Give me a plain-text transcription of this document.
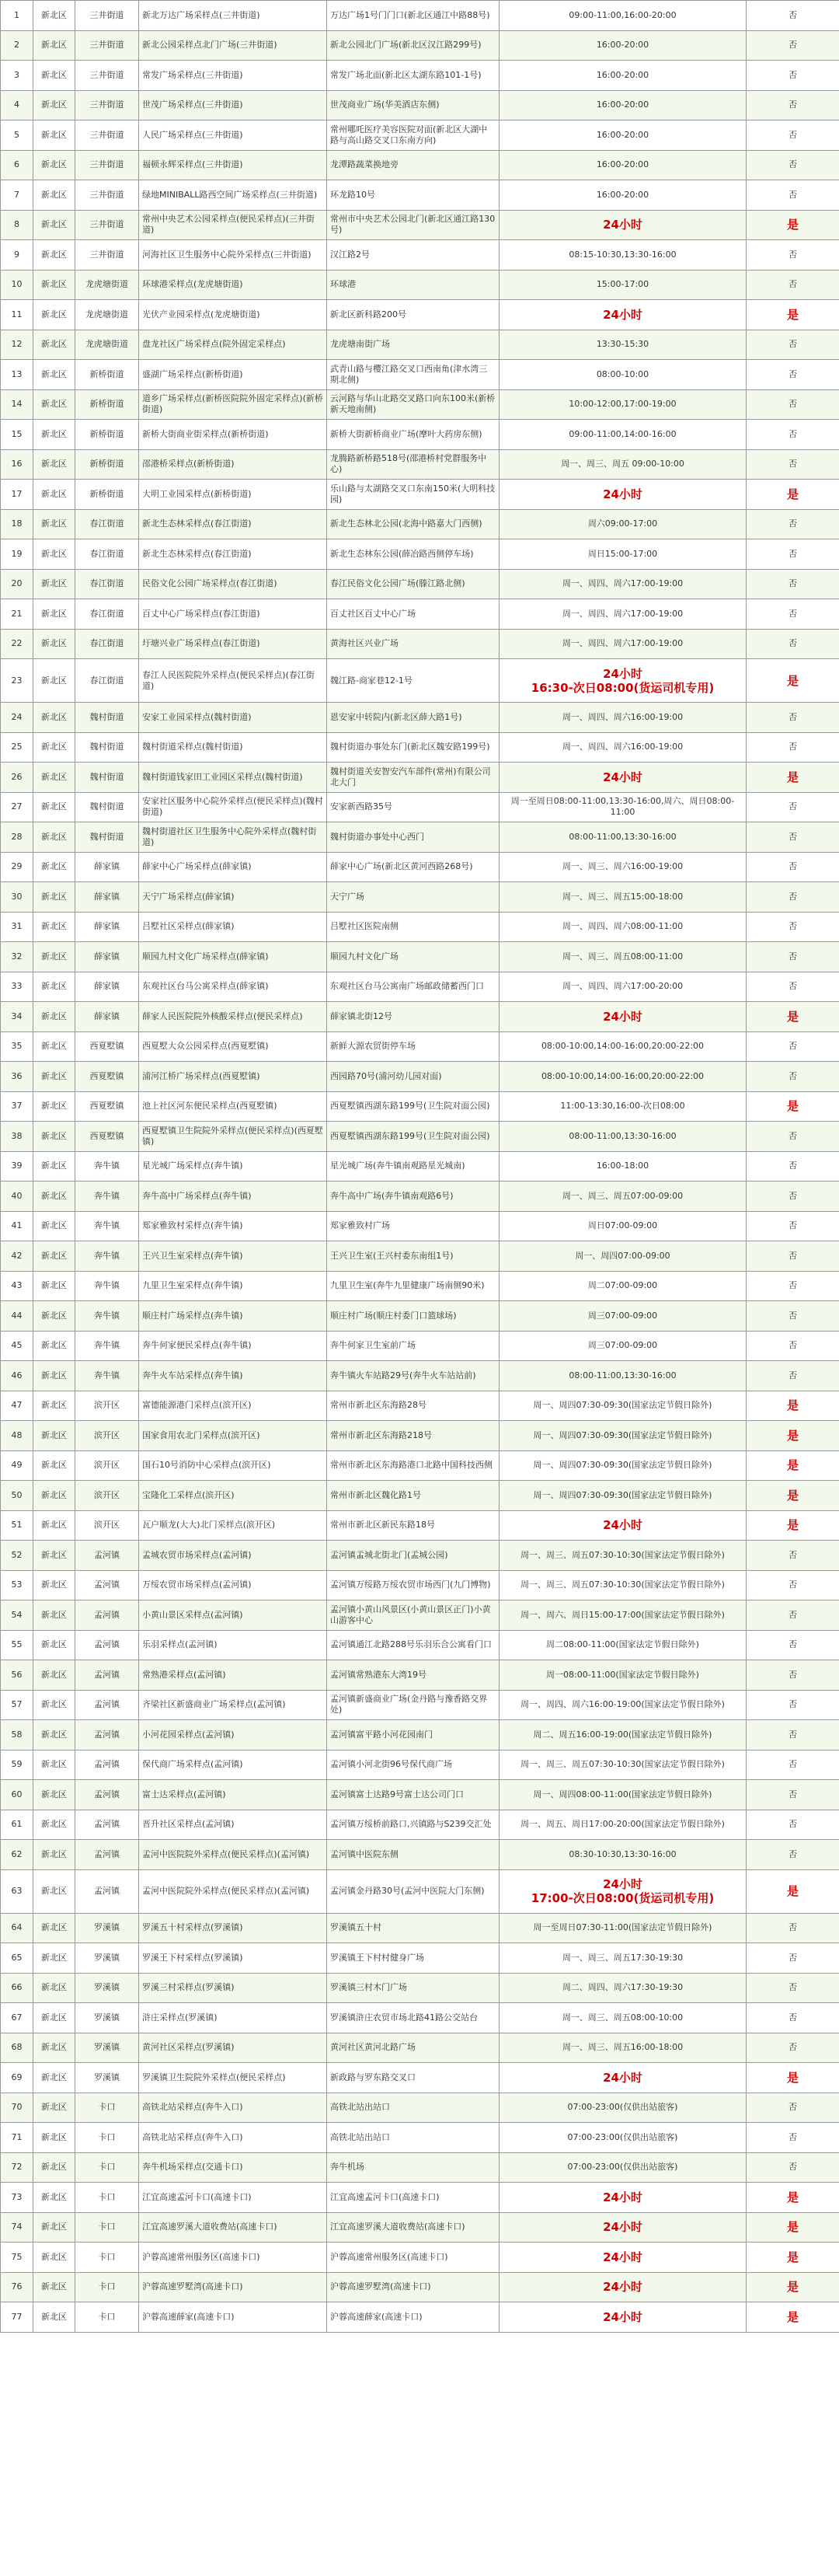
1	新北区	三井街道	新北万达广场采样点(三井街道)	万达广场1号门门口(新北区通江中路88号)	09:00-11:00,16:00-20:00	否
2	新北区	三井街道	新北公园采样点北门广场(三井街道)	新北公园北门广场(新北区汉江路299号)	16:00-20:00	否
3	新北区	三井街道	常发广场采样点(三井街道)	常发广场北面(新北区太湖东路101-1号)	16:00-20:00	否
4	新北区	三井街道	世茂广场采样点(三井街道)	世茂商业广场(华美酒店东侧)	16:00-20:00	否
5	新北区	三井街道	人民广场采样点(三井街道)	常州哪吒医疗美容医院对面(新北区大湖中路与高山路交叉口东南方向)	16:00-20:00	否
6	新北区	三井街道	福顿永辉采样点(三井街道)	龙潭路蔬菜换地旁	16:00-20:00	否
7	新北区	三井街道	绿地MINIBALL路西空间广场采样点(三井街道)	环龙路10号	16:00-20:00	否
8	新北区	三井街道	常州中央艺术公园采样点(便民采样点)(三井街道)	常州市中央艺术公园北门(新北区通江路130号)	24小时	是
9	新北区	三井街道	河海社区卫生服务中心院外采样点(三井街道)	汉江路2号	08:15-10:30,13:30-16:00	否
10	新北区	龙虎塘街道	环球港采样点(龙虎塘街道)	环球港	15:00-17:00	否
11	新北区	龙虎塘街道	光伏产业园采样点(龙虎塘街道)	新北区新科路200号	24小时	是
12	新北区	龙虎塘街道	盘龙社区广场采样点(院外固定采样点)	龙虎塘南街广场	13:30-15:30	否
13	新北区	新桥街道	盛湖广场采样点(新桥街道)	武青山路与樱江路交叉口西南角(津水湾三期北侧)	08:00-10:00	否
14	新北区	新桥街道	道乡广场采样点(新桥医院院外固定采样点)(新桥街道)	云河路与华山北路交叉路口向东100米(新桥新天地南侧)	10:00-12:00,17:00-19:00	否
15	新北区	新桥街道	新桥大街商业街采样点(新桥街道)	新桥大街新桥商业广场(摩叶大药房东侧)	09:00-11:00,14:00-16:00	否
16	新北区	新桥街道	邵港桥采样点(新桥街道)	龙腾路新桥路518号(邵港桥村党群服务中心)	周一、周三、周五 09:00-10:00	否
17	新北区	新桥街道	大明工业园采样点(新桥街道)	乐山路与太湖路交叉口东南150米(大明科技园)	24小时	是
18	新北区	春江街道	新北生态林采样点(春江街道)	新北生态林北公园(北海中路嘉大门西侧)	周六09:00-17:00	否
19	新北区	春江街道	新北生态林采样点(春江街道)	新北生态林东公园(薛冶路西侧停车场)	周日15:00-17:00	否
20	新北区	春江街道	民俗文化公园广场采样点(春江街道)	春江民俗文化公园广场(滕江路北侧)	周一、周四、周六17:00-19:00	否
21	新北区	春江街道	百丈中心广场采样点(春江街道)	百丈社区百丈中心广场	周一、周四、周六17:00-19:00	否
22	新北区	春江街道	圩塘兴业广场采样点(春江街道)	黄海社区兴业广场	周一、周四、周六17:00-19:00	否
23	新北区	春江街道	春江人民医院院外采样点(便民采样点)(春江街道)	魏江路-商家巷12-1号	24小时
16:30-次日08:00(货运司机专用)	是
24	新北区	魏村街道	安家工业园采样点(魏村街道)	恩安家中转院内(新北区薛大路1号)	周一、周四、周六16:00-19:00	否
25	新北区	魏村街道	魏村街道采样点(魏村街道)	魏村街道办事处东门(新北区魏安路199号)	周一、周四、周六16:00-19:00	否
26	新北区	魏村街道	魏村街道钱家田工业园区采样点(魏村街道)	魏村街道关安智安汽车部件(常州)有限公司北大门	24小时	是
27	新北区	魏村街道	安家社区服务中心院外采样点(便民采样点)(魏村街道)	安家新西路35号	周一至周日08:00-11:00,13:30-16:00,周六、周日08:00-11:00	否
28	新北区	魏村街道	魏村街道社区卫生服务中心院外采样点(魏村街道)	魏村街道办事处中心西门	08:00-11:00,13:30-16:00	否
29	新北区	薛家镇	薛家中心广场采样点(薛家镇)	薛家中心广场(新北区黄河西路268号)	周一、周三、周六16:00-19:00	否
30	新北区	薛家镇	天宁广场采样点(薛家镇)	天宁广场	周一、周三、周五15:00-18:00	否
31	新北区	薛家镇	吕墅社区采样点(薛家镇)	吕墅社区医院南侧	周一、周四、周六08:00-11:00	否
32	新北区	薛家镇	顺园九村文化广场采样点(薛家镇)	顺园九村文化广场	周一、周三、周五08:00-11:00	否
33	新北区	薛家镇	东观社区台马公寓采样点(薛家镇)	东观社区台马公寓南广场邮政储蓄西门口	周一、周四、周六17:00-20:00	否
34	新北区	薛家镇	薛家人民医院院外核酸采样点(便民采样点)	薛家镇北街12号	24小时	是
35	新北区	西夏墅镇	西夏墅大众公园采样点(西夏墅镇)	新鲜大源农贸街停车场	08:00-10:00,14:00-16:00,20:00-22:00	否
36	新北区	西夏墅镇	浦河江桥广场采样点(西夏墅镇)	西园路70号(浦河幼儿园对面)	08:00-10:00,14:00-16:00,20:00-22:00	否
37	新北区	西夏墅镇	池上社区河东便民采样点(西夏墅镇)	西夏墅镇西湖东路199号(卫生院对面公园)	11:00-13:30,16:00-次日08:00	是
38	新北区	西夏墅镇	西夏墅镇卫生院院外采样点(便民采样点)(西夏墅镇)	西夏墅镇西湖东路199号(卫生院对面公园)	08:00-11:00,13:30-16:00	否
39	新北区	奔牛镇	星光城广场采样点(奔牛镇)	星光城广场(奔牛镇南观路星光城南)	16:00-18:00	否
40	新北区	奔牛镇	奔牛高中广场采样点(奔牛镇)	奔牛高中广场(奔牛镇南观路6号)	周一、周三、周五07:00-09:00	否
41	新北区	奔牛镇	郑家雅致村采样点(奔牛镇)	郑家雅致村广场	周日07:00-09:00	否
42	新北区	奔牛镇	王兴卫生室采样点(奔牛镇)	王兴卫生室(王兴村委东南组1号)	周一、周四07:00-09:00	否
43	新北区	奔牛镇	九里卫生室采样点(奔牛镇)	九里卫生室(奔牛九里健康广场南侧90米)	周二07:00-09:00	否
44	新北区	奔牛镇	顺庄村广场采样点(奔牛镇)	顺庄村广场(顺庄村委门口篮球场)	周三07:00-09:00	否
45	新北区	奔牛镇	奔牛何家便民采样点(奔牛镇)	奔牛何家卫生室前广场	周三07:00-09:00	否
46	新北区	奔牛镇	奔牛火车站采样点(奔牛镇)	奔牛镇火车站路29号(奔牛火车站站前)	08:00-11:00,13:30-16:00	否
47	新北区	滨开区	富德能源港门采样点(滨开区)	常州市新北区东海路28号	周一、周四07:30-09:30(国家法定节假日除外)	是
48	新北区	滨开区	国家食用农北门采样点(滨开区)	常州市新北区东海路218号	周一、周四07:30-09:30(国家法定节假日除外)	是
49	新北区	滨开区	国石10号消防中心采样点(滨开区)	常州市新北区东海路港口北路中国科技西侧	周一、周四07:30-09:30(国家法定节假日除外)	是
50	新北区	滨开区	宝隆化工采样点(滨开区)	常州市新北区魏化路1号	周一、周四07:30-09:30(国家法定节假日除外)	是
51	新北区	滨开区	瓦户顺龙(大大)北门采样点(滨开区)	常州市新北区新民东路18号	24小时	是
52	新北区	孟河镇	孟城农贸市场采样点(孟河镇)	孟河镇孟城北街北门(孟城公园)	周一、周三、周五07:30-10:30(国家法定节假日除外)	否
53	新北区	孟河镇	万绥农贸市场采样点(孟河镇)	孟河镇万绥路万绥农贸市场西门(九门博物)	周一、周三、周五07:30-10:30(国家法定节假日除外)	否
54	新北区	孟河镇	小黄山景区采样点(孟河镇)	孟河镇小黄山风景区(小黄山景区正门)小黄山游客中心	周一、周六、周日15:00-17:00(国家法定节假日除外)	否
55	新北区	孟河镇	乐羽采样点(孟河镇)	孟河镇通江北路288号乐羽乐合公寓看门口	周二08:00-11:00(国家法定节假日除外)	否
56	新北区	孟河镇	常熟港采样点(孟河镇)	孟河镇常熟港东大湾19号	周一08:00-11:00(国家法定节假日除外)	否
57	新北区	孟河镇	齐梁社区新盛商业广场采样点(孟河镇)	孟河镇新盛商业广场(金丹路与豫香路交界处)	周一、周四、周六16:00-19:00(国家法定节假日除外)	否
58	新北区	孟河镇	小河花园采样点(孟河镇)	孟河镇富平路小河花园南门	周二、周五16:00-19:00(国家法定节假日除外)	否
59	新北区	孟河镇	保代商广场采样点(孟河镇)	孟河镇小河北街96号保代商广场	周一、周三、周五07:30-10:30(国家法定节假日除外)	否
60	新北区	孟河镇	富士达采样点(孟河镇)	孟河镇富士达路9号富士达公司门口	周一、周四08:00-11:00(国家法定节假日除外)	否
61	新北区	孟河镇	晋升社区采样点(孟河镇)	孟河镇万绥桥前路口,兴镇路与S239交汇处	周一、周五、周日17:00-20:00(国家法定节假日除外)	否
62	新北区	孟河镇	孟河中医院院外采样点(便民采样点)(孟河镇)	孟河镇中医院东侧	08:30-10:30,13:30-16:00	否
63	新北区	孟河镇	孟河中医院院外采样点(便民采样点)(孟河镇)	孟河镇金丹路30号(孟河中医院大门东侧)	24小时
17:00-次日08:00(货运司机专用)	是
64	新北区	罗溪镇	罗溪五十村采样点(罗溪镇)	罗溪镇五十村	周一至周日07:30-11:00(国家法定节假日除外)	否
65	新北区	罗溪镇	罗溪王下村采样点(罗溪镇)	罗溪镇王下村村健身广场	周一、周三、周五17:30-19:30	否
66	新北区	罗溪镇	罗溪三村采样点(罗溪镇)	罗溪镇三村木门广场	周二、周四、周六17:30-19:30	否
67	新北区	罗溪镇	浒庄采样点(罗溪镇)	罗溪镇浒庄农贸市场北路41路公交站台	周一、周三、周五08:00-10:00	否
68	新北区	罗溪镇	黄河社区采样点(罗溪镇)	黄河社区黄河北路广场	周一、周三、周五16:00-18:00	否
69	新北区	罗溪镇	罗溪镇卫生院院外采样点(便民采样点)	新政路与罗东路交叉口	24小时	是
70	新北区	卡口	高铁北站采样点(奔牛入口)	高铁北站出站口	07:00-23:00(仅供出站旅客)	否
71	新北区	卡口	高铁北站采样点(奔牛入口)	高铁北站出站口	07:00-23:00(仅供出站旅客)	否
72	新北区	卡口	奔牛机场采样点(交通卡口)	奔牛机场	07:00-23:00(仅供出站旅客)	否
73	新北区	卡口	江宜高速孟河卡口(高速卡口)	江宜高速孟河卡口(高速卡口)	24小时	是
74	新北区	卡口	江宜高速罗溪大道收费站(高速卡口)	江宜高速罗溪大道收费站(高速卡口)	24小时	是
75	新北区	卡口	沪蓉高速常州服务区(高速卡口)	沪蓉高速常州服务区(高速卡口)	24小时	是
76	新北区	卡口	沪蓉高速罗墅湾(高速卡口)	沪蓉高速罗墅湾(高速卡口)	24小时	是
77	新北区	卡口	沪蓉高速薛家(高速卡口)	沪蓉高速薛家(高速卡口)	24小时	是
